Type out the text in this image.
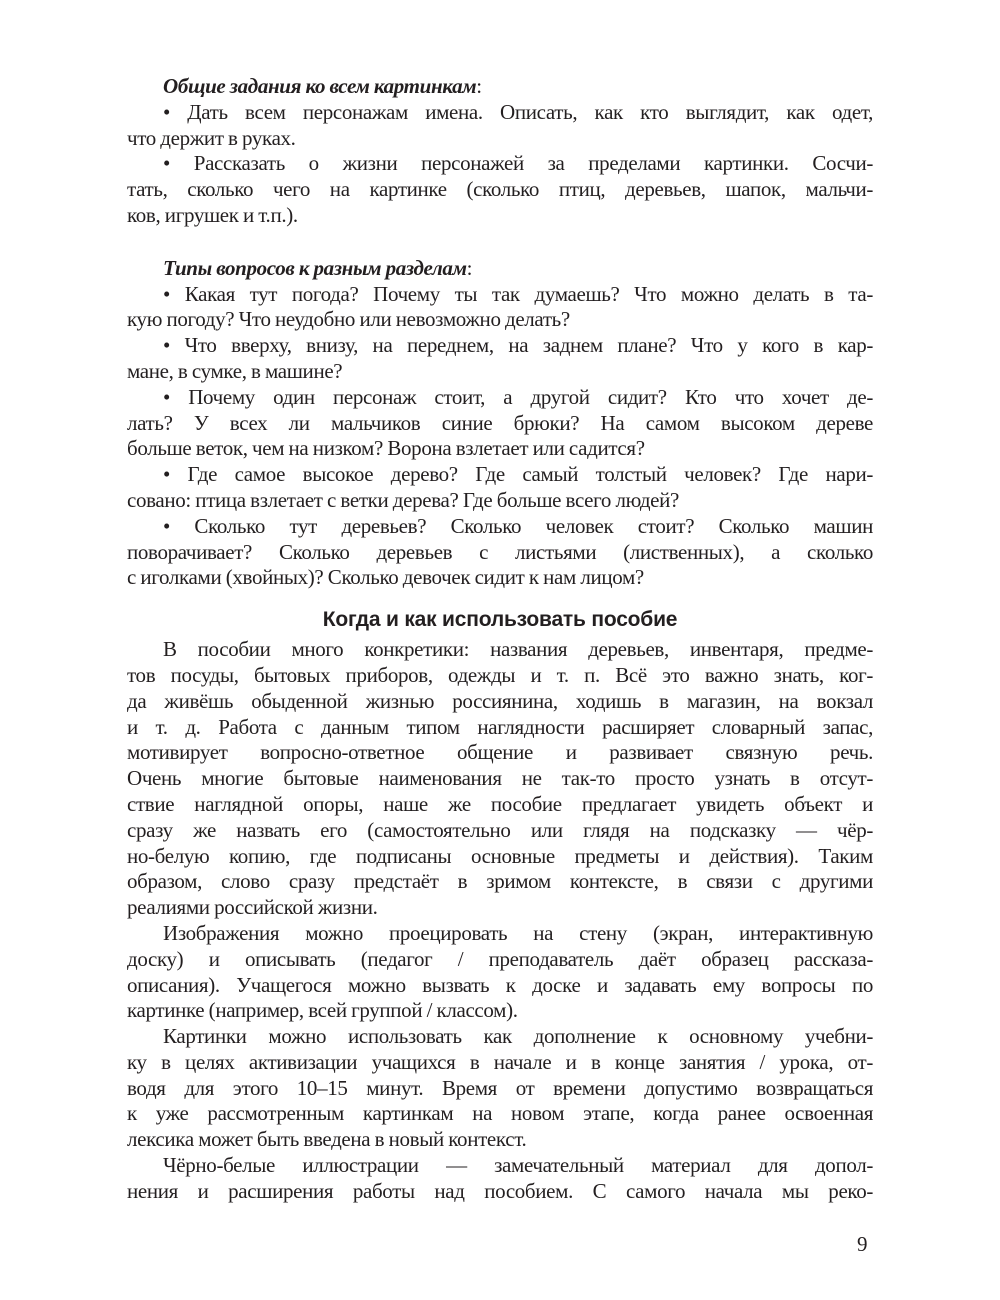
Общие задания ко всем картинкам:
• Дать всем персонажам имена. Описать, как кто выглядит, как одет,
что держит в руках.
• Рассказать о жизни персонажей за пределами картинки. Сосчи-
тать, сколько чего на картинке (сколько птиц, деревьев, шапок, мальчи-
ков, игрушек и т.п.).
Типы вопросов к разным разделам:
• Какая тут погода? Почему ты так думаешь? Что можно делать в та-
кую погоду? Что неудобно или невозможно делать?
• Что вверху, внизу, на переднем, на заднем плане? Что у кого в кар-
мане, в сумке, в машине?
• Почему один персонаж стоит, а другой сидит? Кто что хочет де-
лать? У всех ли мальчиков синие брюки? На самом высоком дереве
больше веток, чем на низком? Ворона взлетает или садится?
• Где самое высокое дерево? Где самый толстый человек? Где нари-
совано: птица взлетает с ветки дерева? Где больше всего людей?
• Сколько тут деревьев? Сколько человек стоит? Сколько машин
поворачивает? Сколько деревьев с листьями (лиственных), а сколько
с иголками (хвойных)? Сколько девочек сидит к нам лицом?
Когда и как использовать пособие
В пособии много конкретики: названия деревьев, инвентаря, предме-
тов посуды, бытовых приборов, одежды и т. п. Всё это важно знать, ког-
да живёшь обыденной жизнью россиянина, ходишь в магазин, на вокзал
и т. д. Работа с данным типом наглядности расширяет словарный запас,
мотивирует вопросно-ответное общение и развивает связную речь.
Очень многие бытовые наименования не так-то просто узнать в отсут-
ствие наглядной опоры, наше же пособие предлагает увидеть объект и
сразу же назвать его (самостоятельно или глядя на подсказку — чёр-
но-белую копию, где подписаны основные предметы и действия). Таким
образом, слово сразу предстаёт в зримом контексте, в связи с другими
реалиями российской жизни.
Изображения можно проецировать на стену (экран, интерактивную
доску) и описывать (педагог / преподаватель даёт образец рассказа-
описания). Учащегося можно вызвать к доске и задавать ему вопросы по
картинке (например, всей группой / классом).
Картинки можно использовать как дополнение к основному учебни-
ку в целях активизации учащихся в начале и в конце занятия / урока, от-
водя для этого 10–15 минут. Время от времени допустимо возвращаться
к уже рассмотренным картинкам на новом этапе, когда ранее освоенная
лексика может быть введена в новый контекст.
Чёрно-белые иллюстрации — замечательный материал для допол-
нения и расширения работы над пособием. С самого начала мы реко-
9
